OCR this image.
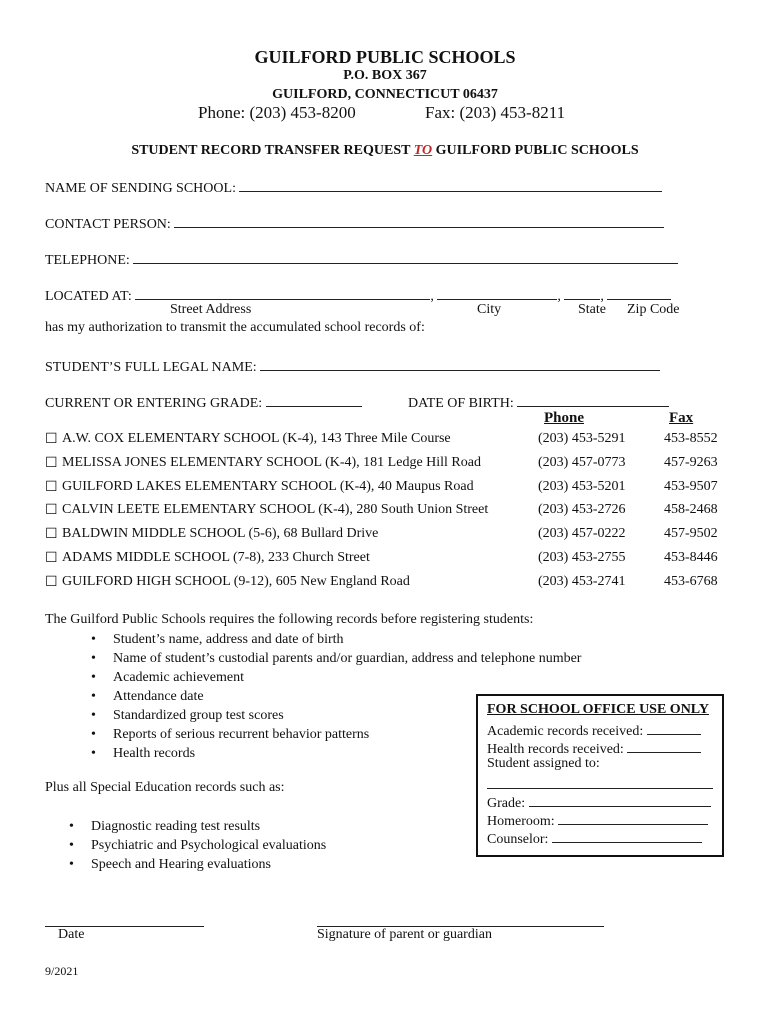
GUILFORD PUBLIC SCHOOLS
P.O. BOX 367
GUILFORD, CONNECTICUT 06437
Phone: (203) 453-8200	Fax: (203) 453-8211
STUDENT RECORD TRANSFER REQUEST TO GUILFORD PUBLIC SCHOOLS
NAME OF SENDING SCHOOL:
CONTACT PERSON:
TELEPHONE:
LOCATED AT:	,	,	,
Street Address	City	State Zip Code
has my authorization to transmit the accumulated school records of:
STUDENT’S FULL LEGAL NAME:
CURRENT OR ENTERING GRADE:	DATE OF BIRTH:
Phone	Fax
☐ A.W. COX ELEMENTARY SCHOOL (K-4), 143 Three Mile Course	(203) 453-5291	453-8552
☐ MELISSA JONES ELEMENTARY SCHOOL (K-4), 181 Ledge Hill Road	(203) 457-0773	457-9263
☐ GUILFORD LAKES ELEMENTARY SCHOOL (K-4), 40 Maupus Road	(203) 453-5201	453-9507
☐ CALVIN LEETE ELEMENTARY SCHOOL (K-4), 280 South Union Street	(203) 453-2726	458-2468
☐ BALDWIN MIDDLE SCHOOL (5-6), 68 Bullard Drive	(203) 457-0222	457-9502
☐ ADAMS MIDDLE SCHOOL (7-8), 233 Church Street	(203) 453-2755	453-8446
☐ GUILFORD HIGH SCHOOL (9-12), 605 New England Road	(203) 453-2741	453-6768
The Guilford Public Schools requires the following records before registering students:
• Student’s name, address and date of birth
• Name of student’s custodial parents and/or guardian, address and telephone number
• Academic achievement
• Attendance date
• Standardized group test scores
• Reports of serious recurrent behavior patterns
• Health records
Plus all Special Education records such as:
• Diagnostic reading test results
• Psychiatric and Psychological evaluations
• Speech and Hearing evaluations
FOR SCHOOL OFFICE USE ONLY
Academic records received:
Health records received:
Student assigned to:
Grade:
Homeroom:
Counselor:
Date	Signature of parent or guardian
9/2021
